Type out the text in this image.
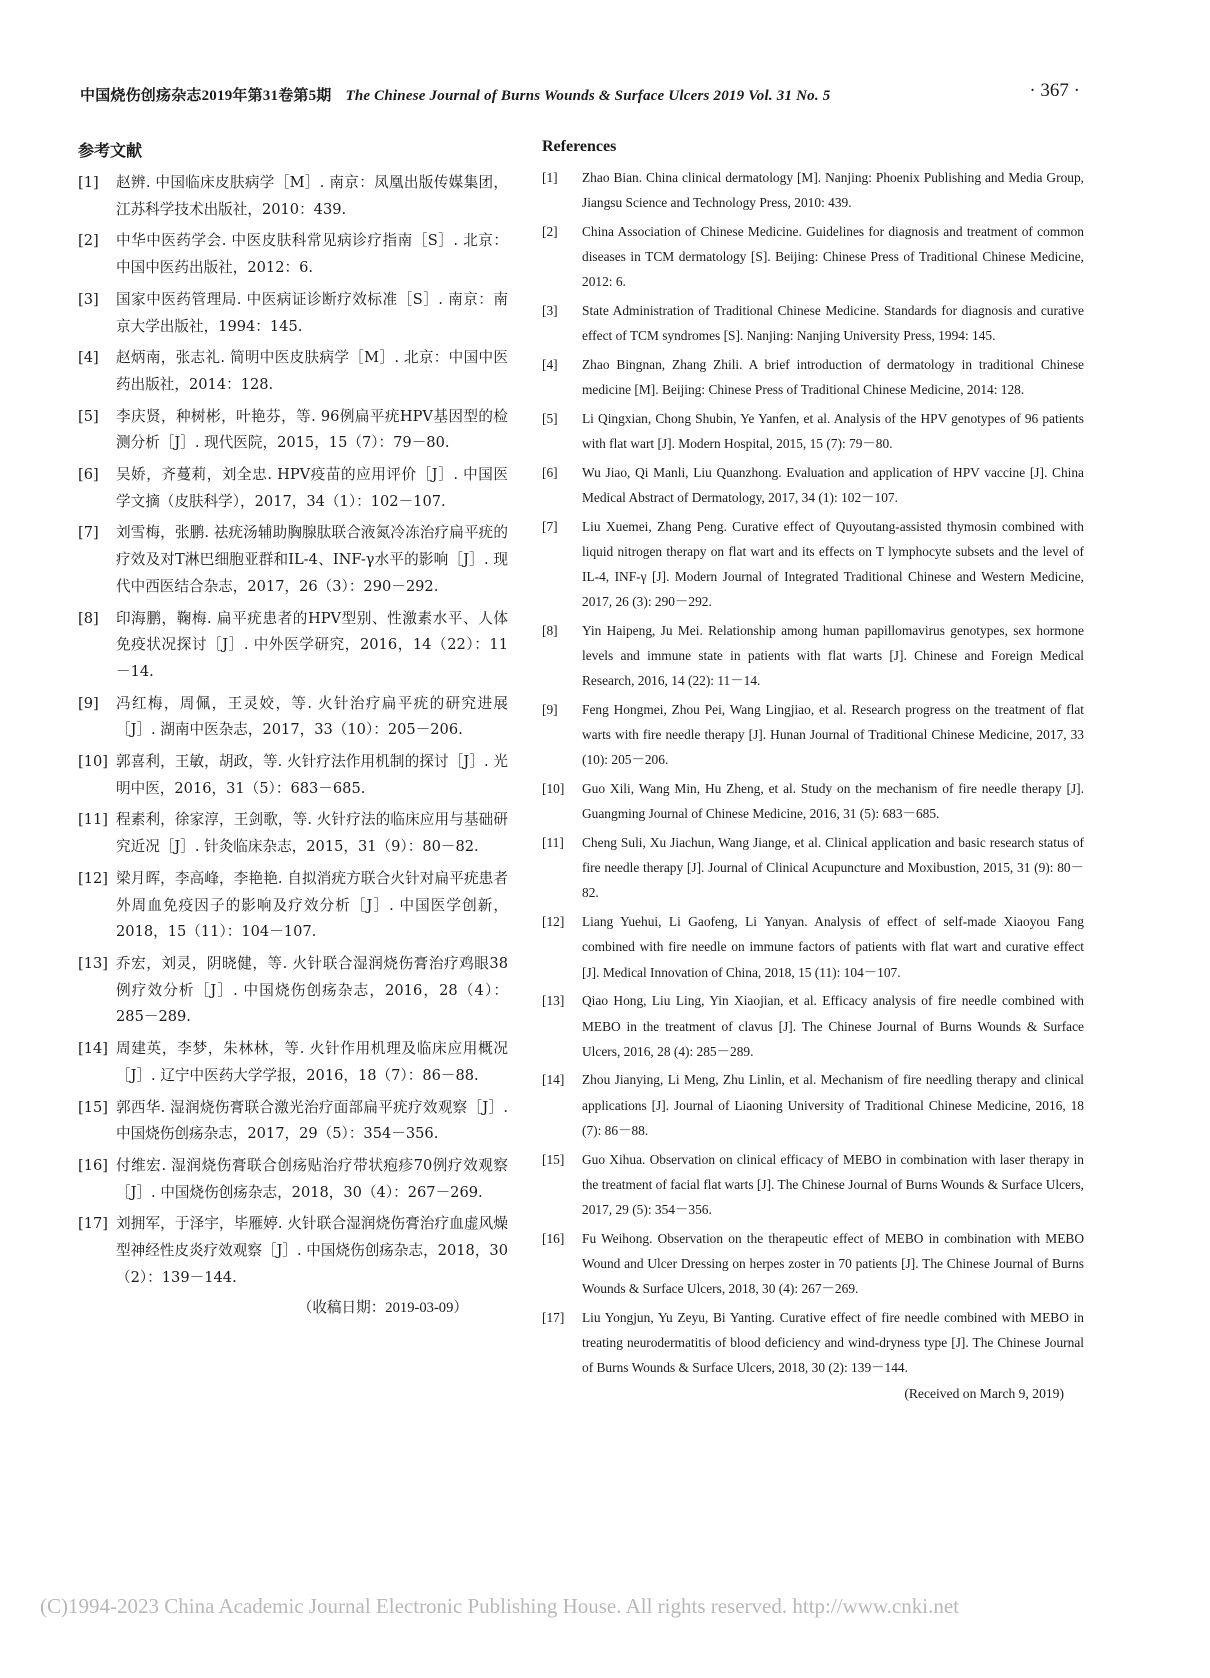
中国烧伤创疡杂志2019年第31卷第5期 The Chinese Journal of Burns Wounds & Surface Ulcers 2019 Vol. 31 No. 5	· 367 ·
参考文献
[1]	赵辨. 中国临床皮肤病学［M］. 南京：凤凰出版传媒集团，江苏科学技术出版社，2010：439.
[2]	中华中医药学会. 中医皮肤科常见病诊疗指南［S］. 北京：中国中医药出版社，2012：6.
[3]	国家中医药管理局. 中医病证诊断疗效标准［S］. 南京：南京大学出版社，1994：145.
[4]	赵炳南，张志礼. 简明中医皮肤病学［M］. 北京：中国中医药出版社，2014：128.
[5]	李庆贤，种树彬，叶艳芬，等. 96例扁平疣HPV基因型的检测分析［J］. 现代医院，2015，15（7）：79－80.
[6]	吴娇，齐蔓莉，刘全忠. HPV疫苗的应用评价［J］. 中国医学文摘（皮肤科学），2017，34（1）：102－107.
[7]	刘雪梅，张鹏. 祛疣汤辅助胸腺肽联合液氮冷冻治疗扁平疣的疗效及对T淋巴细胞亚群和IL-4、INF-γ水平的影响［J］. 现代中西医结合杂志，2017，26（3）：290－292.
[8]	印海鹏，鞠梅. 扁平疣患者的HPV型别、性激素水平、人体免疫状况探讨［J］. 中外医学研究，2016，14（22）：11－14.
[9]	冯红梅，周佩，王灵姣，等. 火针治疗扁平疣的研究进展［J］. 湖南中医杂志，2017，33（10）：205－206.
[10] 郭喜利，王敏，胡政，等. 火针疗法作用机制的探讨［J］. 光明中医，2016，31（5）：683－685.
[11] 程素利，徐家淳，王剑歌，等. 火针疗法的临床应用与基础研究近况［J］. 针灸临床杂志，2015，31（9）：80－82.
[12] 梁月晖，李高峰，李艳艳. 自拟消疣方联合火针对扁平疣患者外周血免疫因子的影响及疗效分析［J］. 中国医学创新，2018，15（11）：104－107.
[13] 乔宏，刘灵，阴晓健，等. 火针联合湿润烧伤膏治疗鸡眼38例疗效分析［J］. 中国烧伤创疡杂志，2016，28（4）：285－289.
[14] 周建英，李梦，朱林林，等. 火针作用机理及临床应用概况［J］. 辽宁中医药大学学报，2016，18（7）：86－88.
[15] 郭西华. 湿润烧伤膏联合激光治疗面部扁平疣疗效观察［J］. 中国烧伤创疡杂志，2017，29（5）：354－356.
[16] 付维宏. 湿润烧伤膏联合创疡贴治疗带状疱疹70例疗效观察［J］. 中国烧伤创疡杂志，2018，30（4）：267－269.
[17] 刘拥军，于泽宇，毕雁婷. 火针联合湿润烧伤膏治疗血虚风燥型神经性皮炎疗效观察［J］. 中国烧伤创疡杂志，2018，30（2）：139－144.
（收稿日期：2019-03-09）
References
[1]	Zhao Bian. China clinical dermatology [M]. Nanjing: Phoenix Publishing and Media Group, Jiangsu Science and Technology Press, 2010: 439.
[2]	China Association of Chinese Medicine. Guidelines for diagnosis and treatment of common diseases in TCM dermatology [S]. Beijing: Chinese Press of Traditional Chinese Medicine, 2012: 6.
[3]	State Administration of Traditional Chinese Medicine. Standards for diagnosis and curative effect of TCM syndromes [S]. Nanjing: Nanjing University Press, 1994: 145.
[4]	Zhao Bingnan, Zhang Zhili. A brief introduction of dermatology in traditional Chinese medicine [M]. Beijing: Chinese Press of Traditional Chinese Medicine, 2014: 128.
[5]	Li Qingxian, Chong Shubin, Ye Yanfen, et al. Analysis of the HPV genotypes of 96 patients with flat wart [J]. Modern Hospital, 2015, 15 (7): 79－80.
[6]	Wu Jiao, Qi Manli, Liu Quanzhong. Evaluation and application of HPV vaccine [J]. China Medical Abstract of Dermatology, 2017, 34 (1): 102－107.
[7]	Liu Xuemei, Zhang Peng. Curative effect of Quyoutang-assisted thymosin combined with liquid nitrogen therapy on flat wart and its effects on T lymphocyte subsets and the level of IL-4, INF-γ [J]. Modern Journal of Integrated Traditional Chinese and Western Medicine, 2017, 26 (3): 290－292.
[8]	Yin Haipeng, Ju Mei. Relationship among human papillomavirus genotypes, sex hormone levels and immune state in patients with flat warts [J]. Chinese and Foreign Medical Research, 2016, 14 (22): 11－14.
[9]	Feng Hongmei, Zhou Pei, Wang Lingjiao, et al. Research progress on the treatment of flat warts with fire needle therapy [J]. Hunan Journal of Traditional Chinese Medicine, 2017, 33 (10): 205－206.
[10]	Guo Xili, Wang Min, Hu Zheng, et al. Study on the mechanism of fire needle therapy [J]. Guangming Journal of Chinese Medicine, 2016, 31 (5): 683－685.
[11]	Cheng Suli, Xu Jiachun, Wang Jiange, et al. Clinical application and basic research status of fire needle therapy [J]. Journal of Clinical Acupuncture and Moxibustion, 2015, 31 (9): 80－82.
[12]	Liang Yuehui, Li Gaofeng, Li Yanyan. Analysis of effect of self-made Xiaoyou Fang combined with fire needle on immune factors of patients with flat wart and curative effect [J]. Medical Innovation of China, 2018, 15 (11): 104－107.
[13]	Qiao Hong, Liu Ling, Yin Xiaojian, et al. Efficacy analysis of fire needle combined with MEBO in the treatment of clavus [J]. The Chinese Journal of Burns Wounds & Surface Ulcers, 2016, 28 (4): 285－289.
[14]	Zhou Jianying, Li Meng, Zhu Linlin, et al. Mechanism of fire needling therapy and clinical applications [J]. Journal of Liaoning University of Traditional Chinese Medicine, 2016, 18 (7): 86－88.
[15]	Guo Xihua. Observation on clinical efficacy of MEBO in combination with laser therapy in the treatment of facial flat warts [J]. The Chinese Journal of Burns Wounds & Surface Ulcers, 2017, 29 (5): 354－356.
[16]	Fu Weihong. Observation on the therapeutic effect of MEBO in combination with MEBO Wound and Ulcer Dressing on herpes zoster in 70 patients [J]. The Chinese Journal of Burns Wounds & Surface Ulcers, 2018, 30 (4): 267－269.
[17]	Liu Yongjun, Yu Zeyu, Bi Yanting. Curative effect of fire needle combined with MEBO in treating neurodermatitis of blood deficiency and wind-dryness type [J]. The Chinese Journal of Burns Wounds & Surface Ulcers, 2018, 30 (2): 139－144.
(Received on March 9, 2019)
(C)1994-2023 China Academic Journal Electronic Publishing House. All rights reserved. http://www.cnki.net
